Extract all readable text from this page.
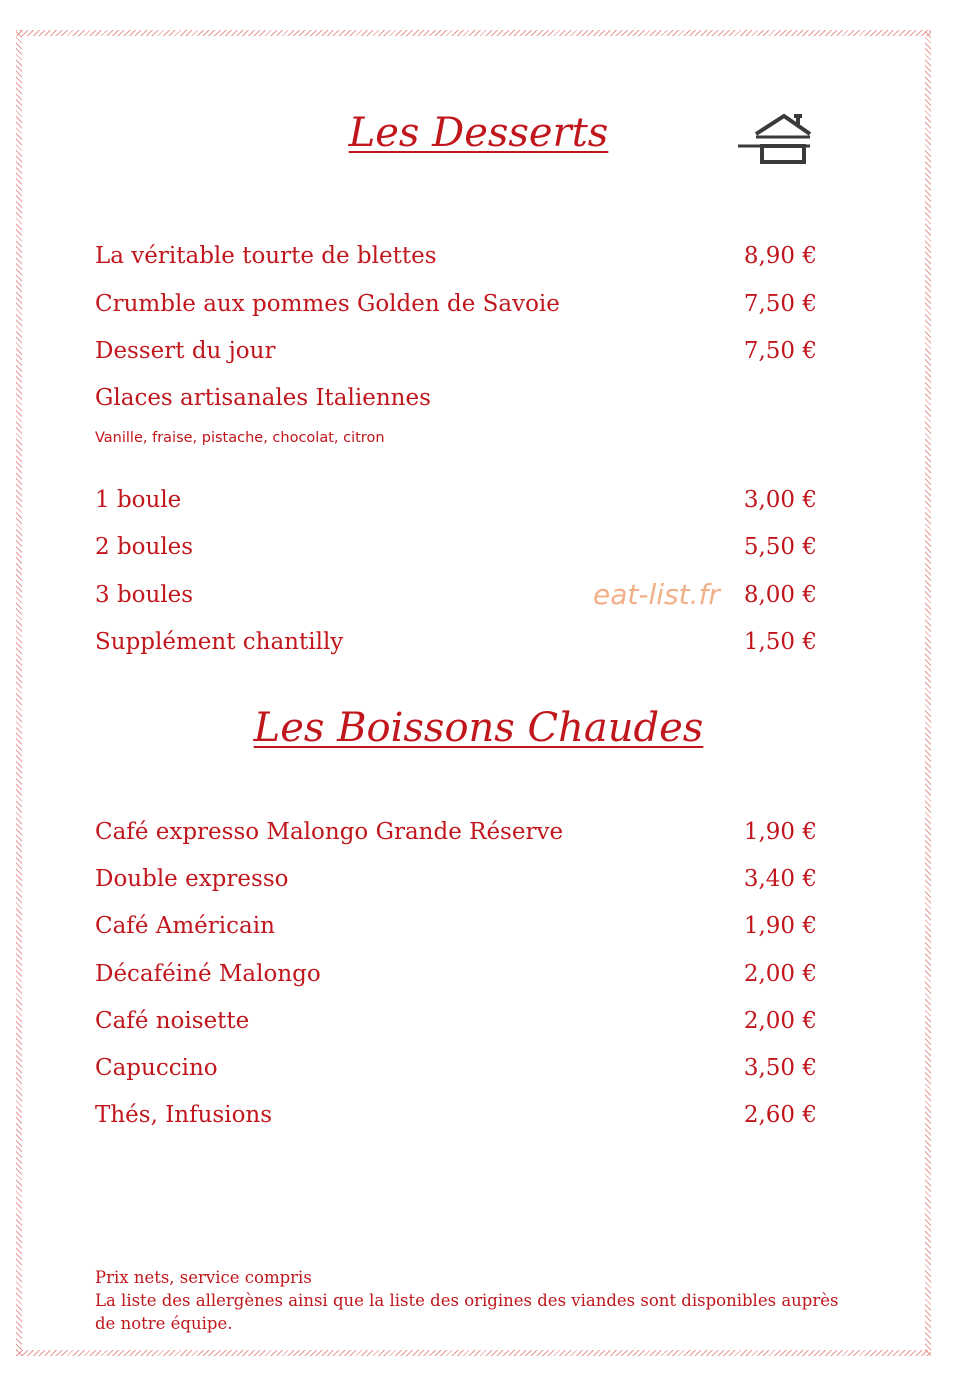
Les Desserts
La véritable tourte de blettes	8,90 €
Crumble aux pommes Golden de Savoie	7,50 €
Dessert du jour	7,50 €
Glaces artisanales Italiennes
Vanille, fraise, pistache, chocolat, citron
1 boule	3,00 €
2 boules	5,50 €
3 boules	8,00 €
Supplément chantilly	1,50 €
eat-list.fr
Les Boissons Chaudes
Café expresso Malongo Grande Réserve	1,90 €
Double expresso	3,40 €
Café Américain	1,90 €
Décaféiné Malongo	2,00 €
Café noisette	2,00 €
Capuccino	3,50 €
Thés, Infusions	2,60 €
Prix nets, service compris
La liste des allergènes ainsi que la liste des origines des viandes sont disponibles auprès
de notre équipe.
